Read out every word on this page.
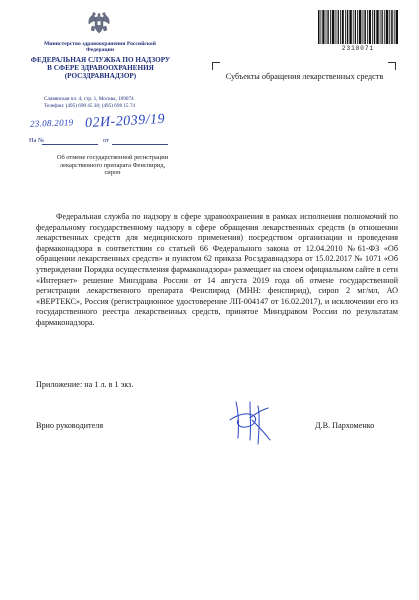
Министерство здравоохранения Российской Федерации
ФЕДЕРАЛЬНАЯ СЛУЖБА ПО НАДЗОРУ
В СФЕРЕ ЗДРАВООХРАНЕНИЯ
(РОСЗДРАВНАДЗОР)
Славянская пл. 4, стр. 1, Москва, 109074
Телефон: (495) 698 45 38; (495) 698 15 74
23.08.2019 02И-2039/19
На №	от
Об отмене государственной регистрации лекарственного препарата Фенспирид, сироп
2318071
Субъекты обращения лекарственных средств

Федеральная служба по надзору в сфере здравоохранения в рамках исполнения полномочий по федеральному государственному надзору в сфере обращения лекарственных средств (в отношении лекарственных средств для медицинского применения) посредством организации и проведения фармаконадзора в соответствии со статьей 66 Федерального закона от 12.04.2010 №61-ФЗ «Об обращении лекарственных средств» и пунктом 62 приказа Росздравнадзора от 15.02.2017 № 1071 «Об утверждении Порядка осуществления фармаконадзора» размещает на своем официальном сайте в сети «Интернет» решение Минздрава России от 14 августа 2019 года об отмене государственной регистрации лекарственного препарата Фенспирид (МНН: фенспирид), сироп 2 мг/мл, АО «ВЕРТЕКС», Россия (регистрационное удостоверение ЛП-004147 от 16.02.2017), и исключении его из государственного реестра лекарственных средств, принятое Минздравом России по результатам фармаконадзора.

Приложение: на 1 л. в 1 экз.
Врио руководителя	Д.В. Пархоменко
